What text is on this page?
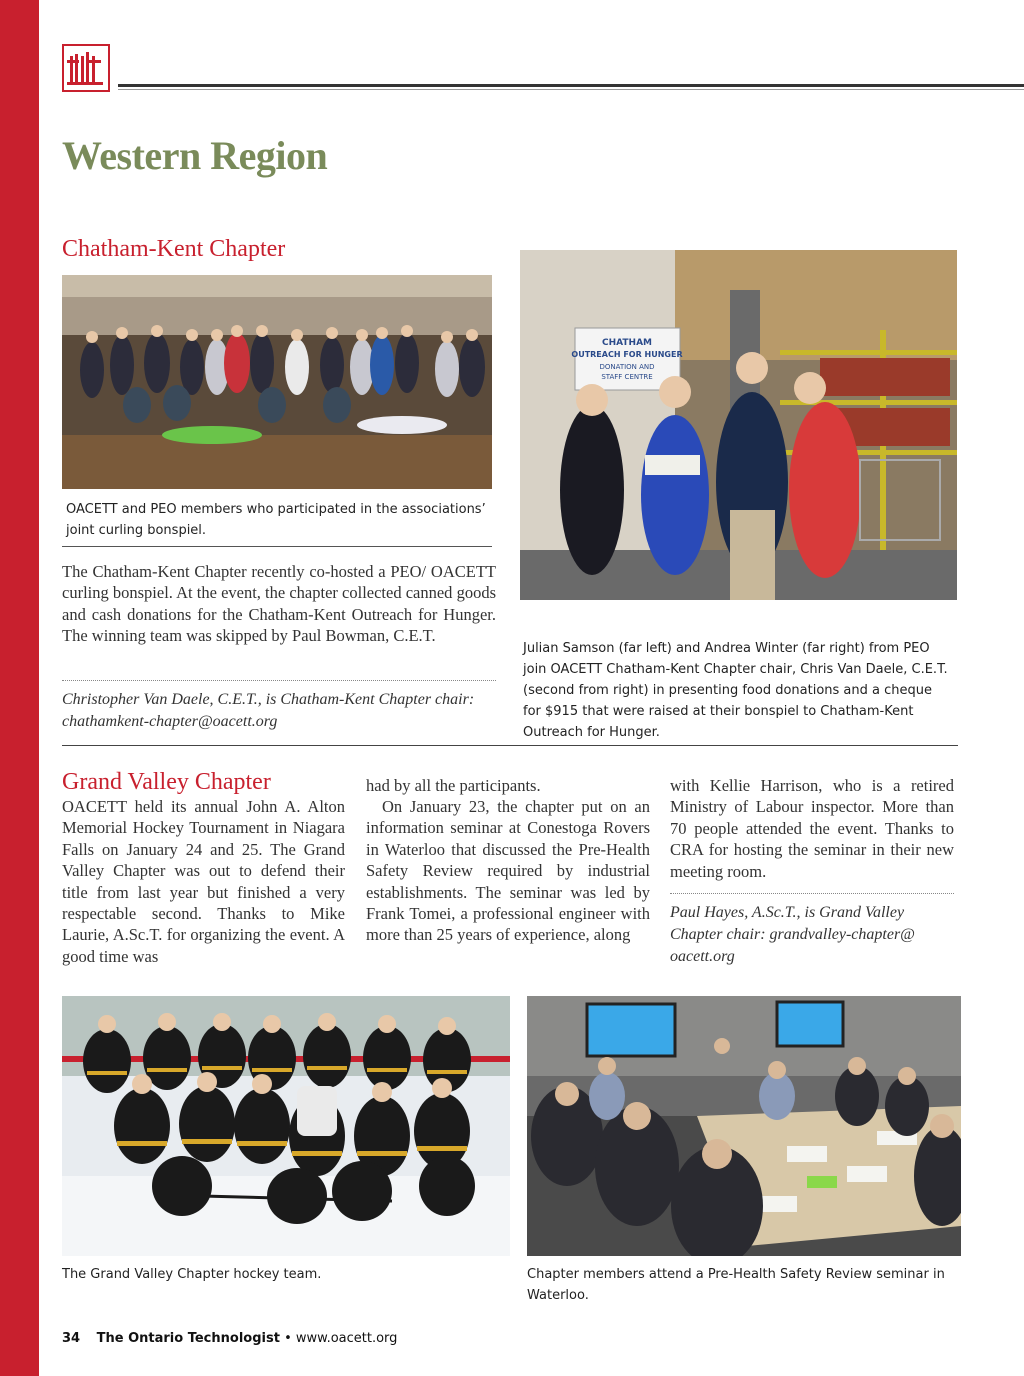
Western Region
Chatham-Kent Chapter
OACETT and PEO members who participated in the associations’ joint curling bonspiel.
The Chatham-Kent Chapter recently co-hosted a PEO/ OACETT curling bonspiel. At the event, the chapter collected canned goods and cash donations for the Chatham-Kent Outreach for Hunger. The winning team was skipped by Paul Bowman, C.E.T.
Christopher Van Daele, C.E.T., is Chatham-Kent Chapter chair: chathamkent-chapter@oacett.org
CHATHAM
OUTREACH FOR HUNGER
DONATION AND
STAFF CENTRE
Julian Samson (far left) and Andrea Winter (far right) from PEO join OACETT Chatham-Kent Chapter chair, Chris Van Daele, C.E.T. (second from right) in presenting food donations and a cheque for $915 that were raised at their bonspiel to Chatham-Kent Outreach for Hunger.
Grand Valley Chapter
OACETT held its annual John A. Alton Memorial Hockey Tournament in Niagara Falls on January 24 and 25. The Grand Valley Chapter was out to defend their title from last year but finished a very respectable second. Thanks to Mike Laurie, A.Sc.T. for organizing the event. A good time was
had by all the participants.
On January 23, the chapter put on an information seminar at Conestoga Rovers in Waterloo that discussed the Pre-Health Safety Review required by industrial establishments. The seminar was led by Frank Tomei, a professional engineer with more than 25 years of experience, along
with Kellie Harrison, who is a retired Ministry of Labour inspector. More than 70 people attended the event. Thanks to CRA for hosting the seminar in their new meeting room.
Paul Hayes, A.Sc.T., is Grand Valley Chapter chair: grandvalley-chapter@ oacett.org
The Grand Valley Chapter hockey team.	Chapter members attend a Pre-Health Safety Review seminar in Waterloo.
34 The Ontario Technologist • www.oacett.org
